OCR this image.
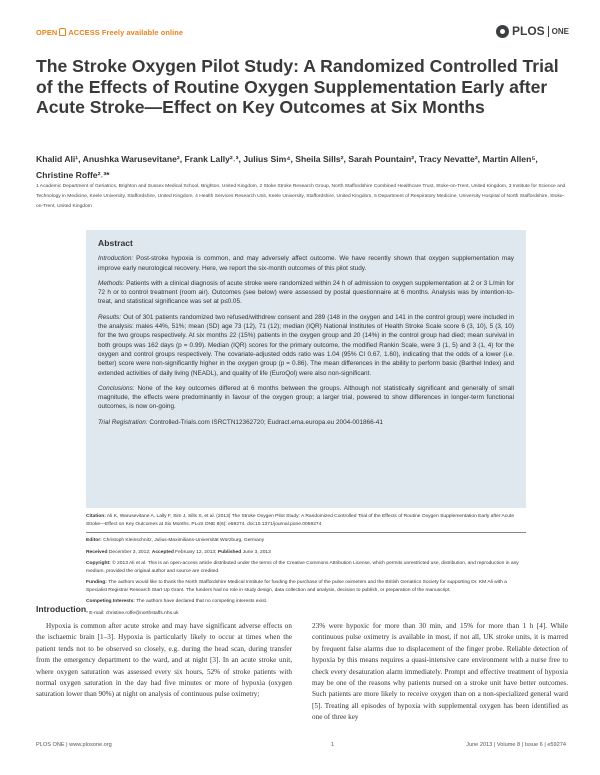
OPEN ACCESS Freely available online	PLOS ONE
The Stroke Oxygen Pilot Study: A Randomized Controlled Trial of the Effects of Routine Oxygen Supplementation Early after Acute Stroke—Effect on Key Outcomes at Six Months
Khalid Ali¹, Anushka Warusevitane², Frank Lally²˒³, Julius Sim⁴, Sheila Sills², Sarah Pountain², Tracy Nevatte², Martin Allen⁵, Christine Roffe²˒³*
1 Academic Department of Geriatrics, Brighton and Sussex Medical School, Brighton, United Kingdom, 2 Stoke Stroke Research Group, North Staffordshire Combined Healthcare Trust, Stoke-on-Trent, United Kingdom, 3 Institute for Science and Technology in Medicine, Keele University, Staffordshire, United Kingdom, 4 Health Services Research Unit, Keele University, Staffordshire, United Kingdom, 5 Department of Respiratory Medicine, University Hospital of North Staffordshire, Stoke-on-Trent, United Kingdom
Abstract

Introduction: Post-stroke hypoxia is common, and may adversely affect outcome. We have recently shown that oxygen supplementation may improve early neurological recovery. Here, we report the six-month outcomes of this pilot study.

Methods: Patients with a clinical diagnosis of acute stroke were randomized within 24 h of admission to oxygen supplementation at 2 or 3 L/min for 72 h or to control treatment (room air). Outcomes (see below) were assessed by postal questionnaire at 6 months. Analysis was by intention-to-treat, and statistical significance was set at p≤0.05.

Results: Out of 301 patients randomized two refused/withdrew consent and 289 (148 in the oxygen and 141 in the control group) were included in the analysis: males 44%, 51%; mean (SD) age 73 (12), 71 (12); median (IQR) National Institutes of Health Stroke Scale score 6 (3, 10), 5 (3, 10) for the two groups respectively. At six months 22 (15%) patients in the oxygen group and 20 (14%) in the control group had died; mean survival in both groups was 162 days (p = 0.99). Median (IQR) scores for the primary outcome, the modified Rankin Scale, were 3 (1, 5) and 3 (1, 4) for the oxygen and control groups respectively. The covariate-adjusted odds ratio was 1.04 (95% CI 0.67, 1.60), indicating that the odds of a lower (i.e. better) score were non-significantly higher in the oxygen group (p = 0.86). The mean differences in the ability to perform basic (Barthel Index) and extended activities of daily living (NEADL), and quality of life (EuroQol) were also non-significant.

Conclusions: None of the key outcomes differed at 6 months between the groups. Although not statistically significant and generally of small magnitude, the effects were predominantly in favour of the oxygen group; a larger trial, powered to show differences in longer-term functional outcomes, is now on-going.

Trial Registration: Controlled-Trials.com ISRCTN12362720; Eudract.ema.europa.eu 2004-001866-41

Citation: Ali K, Warusevitane A, Lally F, Sim J, Sills S, et al. (2013) The Stroke Oxygen Pilot Study: A Randomized Controlled Trial of the Effects of Routine Oxygen Supplementation Early after Acute Stroke—Effect on Key Outcomes at Six Months. PLoS ONE 8(6): e59274. doi:10.1371/journal.pone.0059274

Editor: Christoph Kleinschnitz, Julius-Maximilians-Universität Würzburg, Germany

Received December 3, 2012; Accepted February 12, 2013; Published June 3, 2013

Copyright: © 2013 Ali et al. This is an open-access article distributed under the terms of the Creative Commons Attribution License, which permits unrestricted use, distribution, and reproduction in any medium, provided the original author and source are credited.

Funding: The authors would like to thank the North Staffordshire Medical Institute for funding the purchase of the pulse oximeters and the British Geriatrics Society for supporting Dr. KM Ali with a Specialist Registrar Research Start Up Grant. The funders had no role in study design, data collection and analysis, decision to publish, or preparation of the manuscript.

Competing Interests: The authors have declared that no competing interests exist.

* E-mail: christine.roffe@northstaffs.nhs.uk

Introduction

Hypoxia is common after acute stroke and may have significant adverse effects on the ischaemic brain [1–3]. Hypoxia is particularly likely to occur at times when the patient tends not to be observed so closely, e.g. during the head scan, during transfer from the emergency department to the ward, and at night [3]. In an acute stroke unit, where oxygen saturation was assessed every six hours, 52% of stroke patients with normal oxygen saturation in the day had five minutes or more of hypoxia (oxygen saturation lower than 90%) at night on analysis of continuous pulse oximetry;

23% were hypoxic for more than 30 min, and 15% for more than 1 h [4]. While continuous pulse oximetry is available in most, if not all, UK stroke units, it is marred by frequent false alarms due to displacement of the finger probe. Reliable detection of hypoxia by this means requires a quasi-intensive care environment with a nurse free to check every desaturation alarm immediately. Prompt and effective treatment of hypoxia may be one of the reasons why patients nursed on a stroke unit have better outcomes. Such patients are more likely to receive oxygen than on a non-specialized general ward [5]. Treating all episodes of hypoxia with supplemental oxygen has been identified as one of three key

PLOS ONE | www.plosone.org	1	June 2013 | Volume 8 | Issue 6 | e59274
